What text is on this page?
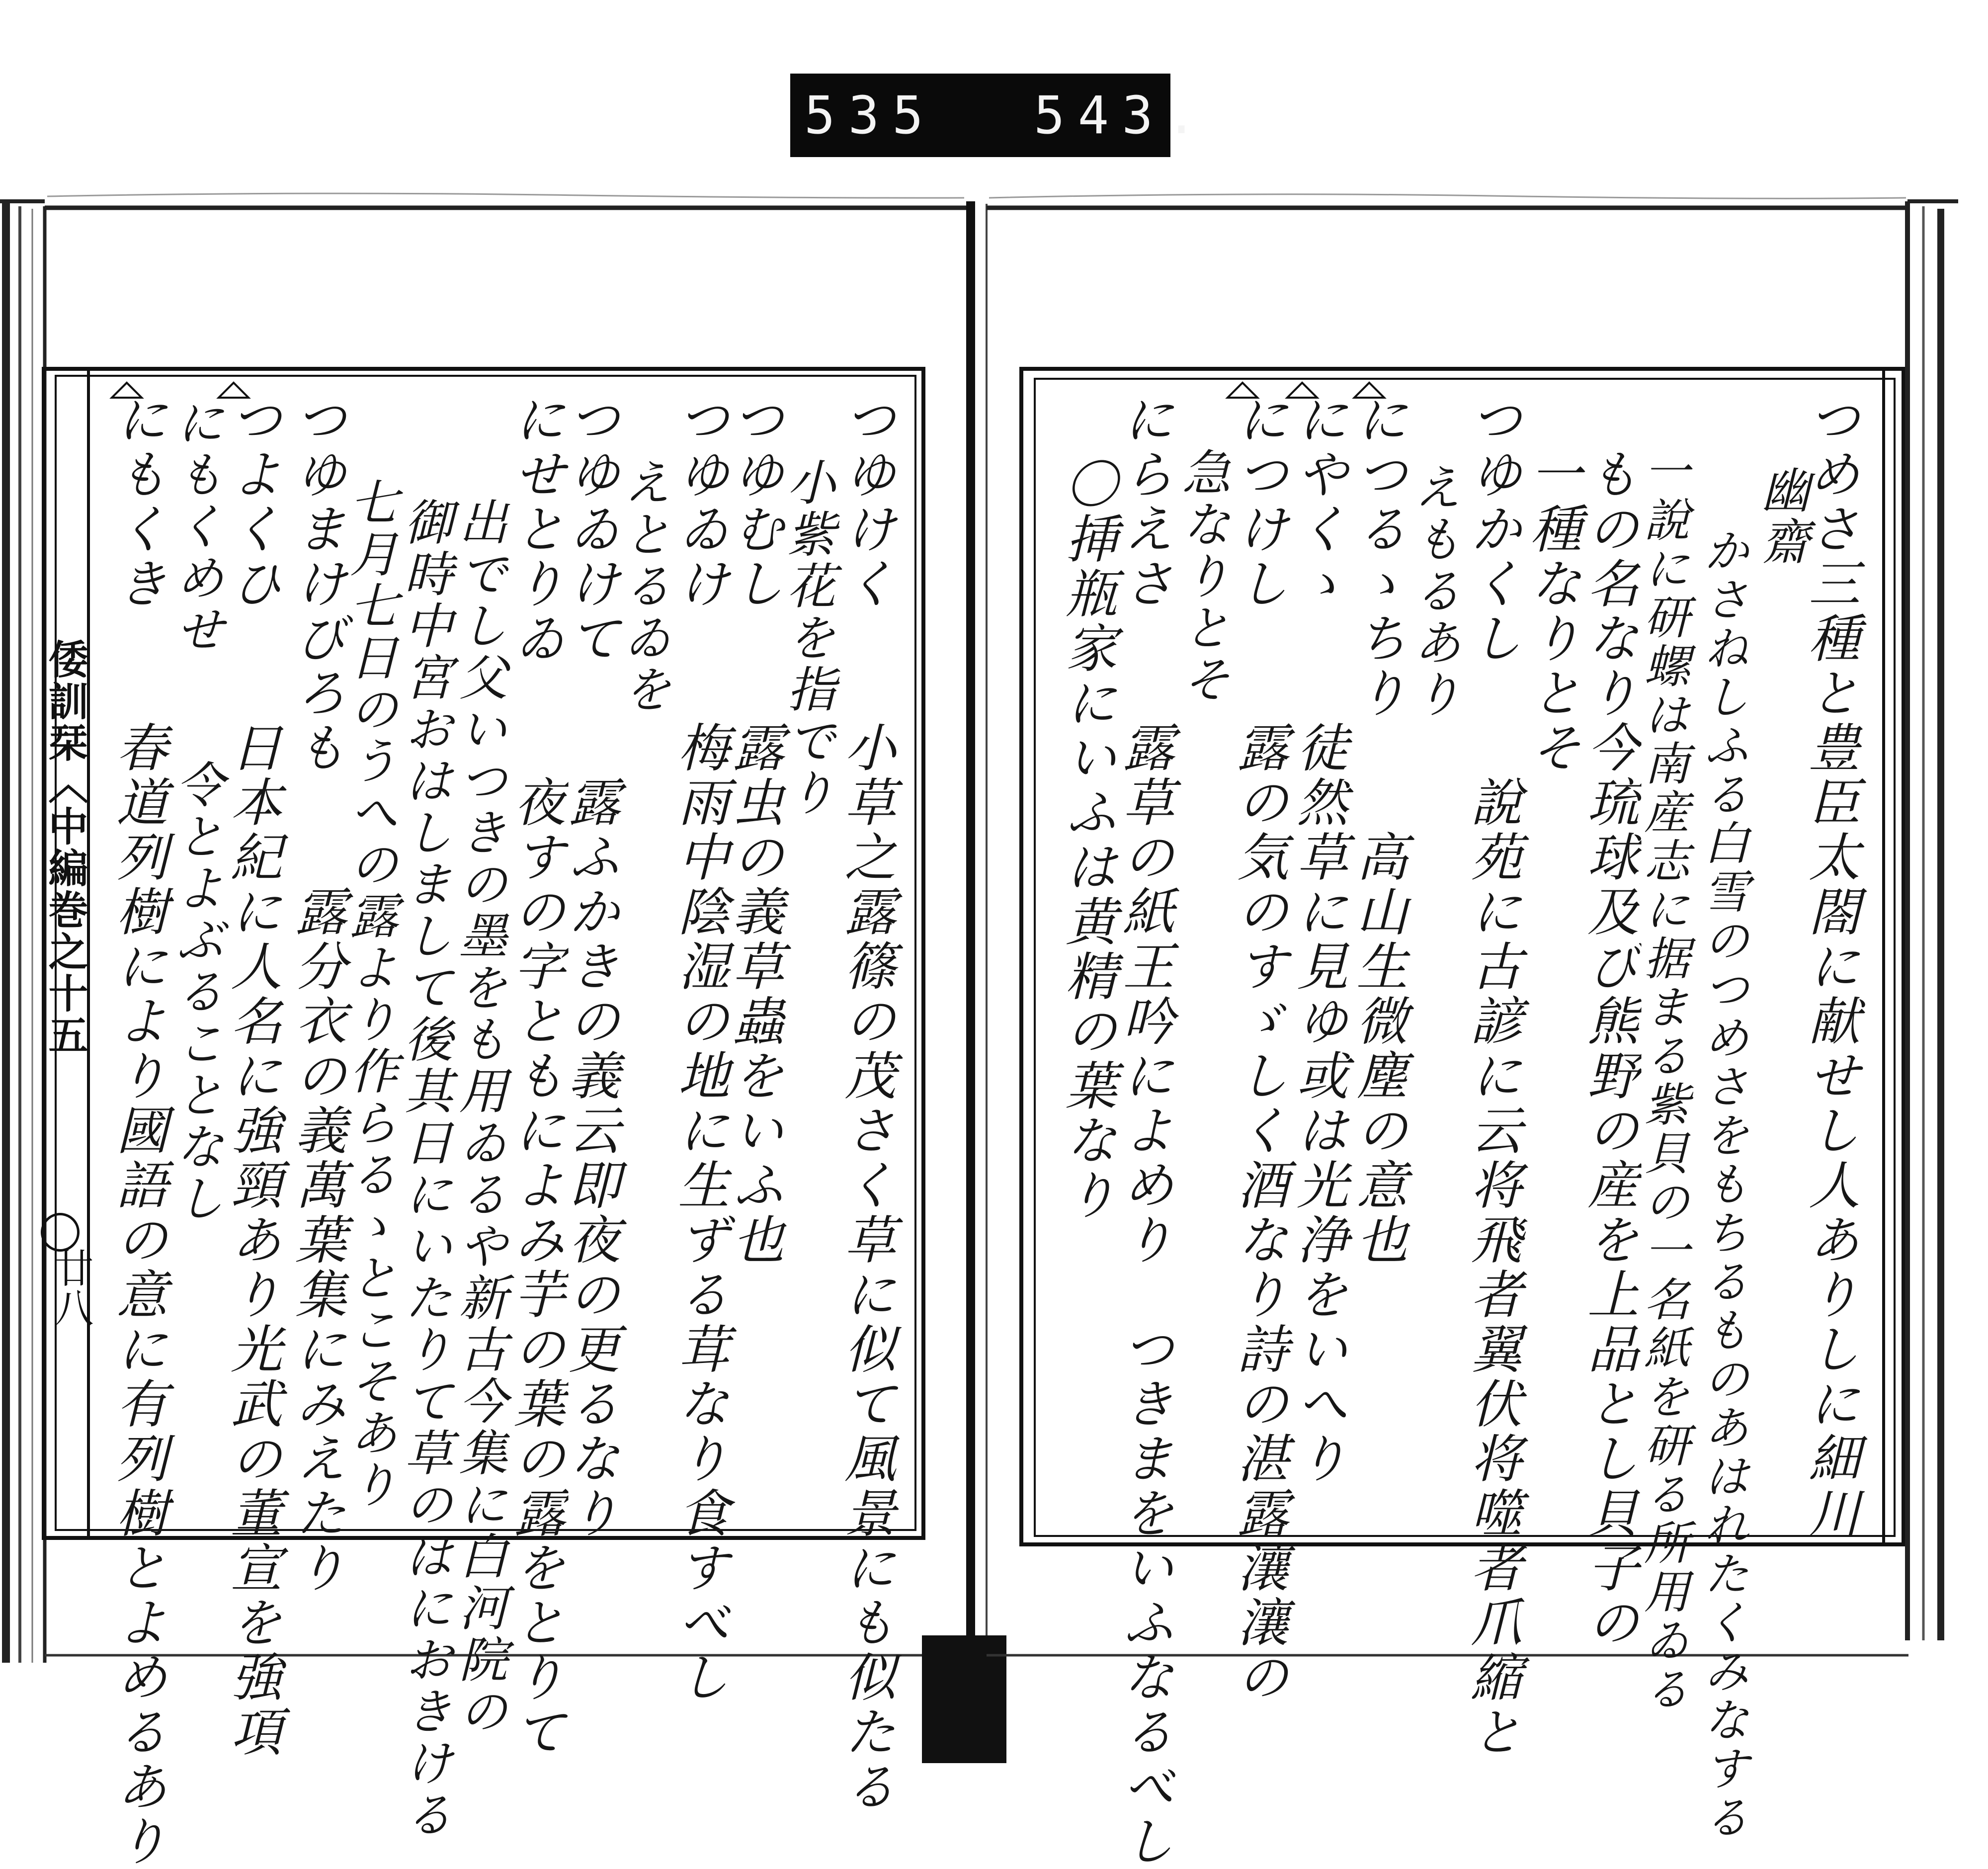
535 543.
倭訓栞〈中編巻之十五
廿八	つゆけく　　小草之露篠の茂さく草に似て風景にも似たる
小紫花を指でり
つゆむし　　露虫の義草蟲をいふ也
つゆゐけ　　梅雨中陰湿の地に生ずる茸なり食すべし
えとるゐを
つゆゐけて　　露ふかきの義云即夜の更るなり
にせとりゐ　　夜すの字ともによみ芋の葉の露をとりて
出でし父いつきの墨をも用ゐるや新古今集に白河院の
御時中宮おはしまして後其日にいたりて草のはにおきける
七月七日のうへの露より作らるゝとこそあり
つゆまけびろも　　露分衣の義萬葉集にみえたり
つよくひ　　日本紀に人名に強頸あり光武の董宣を強項
にもくめせ　　令とよぶることなし
にもくき　　春道列樹により國語の意に有列樹とよめるあり	つめさ三種と豊臣太閤に献せし人ありしに細川
幽齋
かさねしふる白雪のつめさをもちるものあはれたくみなする
一說に研螺は南産志に据まる紫貝の一名紙を研る所用ゐる
もの名なり今琉球及び熊野の産を上品とし貝子の
一種なりとそ
つゆかくし　　說苑に古諺に云将飛者翼伏将噬者爪縮と
えもるあり
につるゝちり　　高山生微塵の意也
にやくゝ　　徒然草に見ゆ或は光浄をいへり
につけし　　露の気のすゞしく酒なり詩の湛露瀼瀼の
急なりとそ
にらえさ　　露草の紙王吟によめり　つきまをいふなるべし
〇挿瓶家にいふは黄精の葉なり
